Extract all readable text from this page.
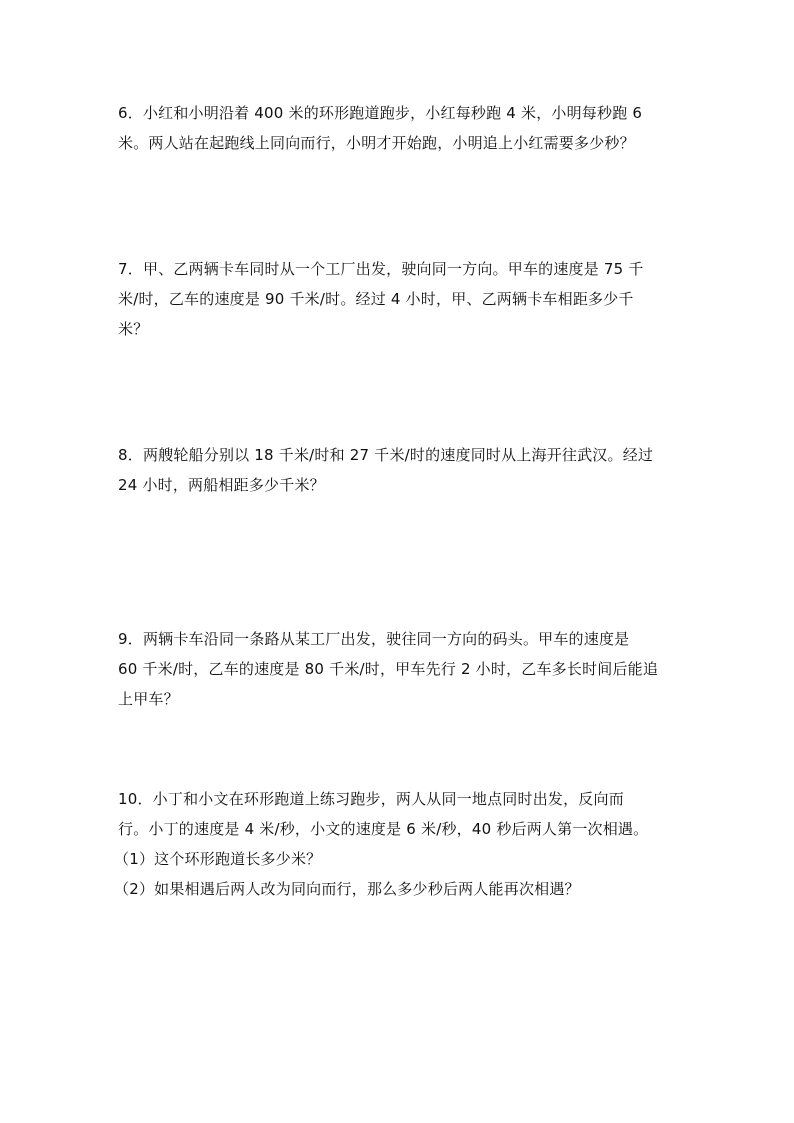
6．小红和小明沿着 400 米的环形跑道跑步，小红每秒跑 4 米，小明每秒跑 6
米。两人站在起跑线上同向而行，小明才开始跑，小明追上小红需要多少秒？
7．甲、乙两辆卡车同时从一个工厂出发，驶向同一方向。甲车的速度是 75 千
米/时，乙车的速度是 90 千米/时。经过 4 小时，甲、乙两辆卡车相距多少千
米？
8．两艘轮船分别以 18 千米/时和 27 千米/时的速度同时从上海开往武汉。经过
24 小时，两船相距多少千米？
9．两辆卡车沿同一条路从某工厂出发，驶往同一方向的码头。甲车的速度是
60 千米/时，乙车的速度是 80 千米/时，甲车先行 2 小时，乙车多长时间后能追
上甲车？
10．小丁和小文在环形跑道上练习跑步，两人从同一地点同时出发，反向而
行。小丁的速度是 4 米/秒，小文的速度是 6 米/秒，40 秒后两人第一次相遇。
（1）这个环形跑道长多少米？
（2）如果相遇后两人改为同向而行，那么多少秒后两人能再次相遇？
